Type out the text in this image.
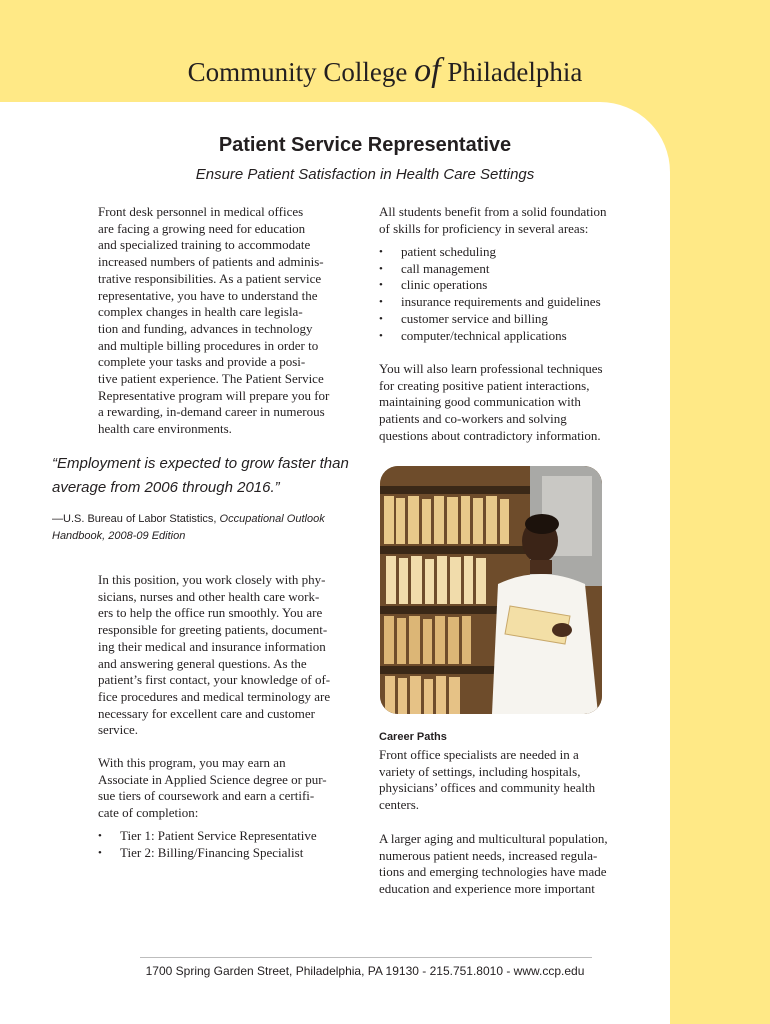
Community College of Philadelphia
Patient Service Representative
Ensure Patient Satisfaction in Health Care Settings
Front desk personnel in medical offices
are facing a growing need for education
and specialized training to accommodate
increased numbers of patients and adminis-
trative responsibilities. As a patient service
representative, you have to understand the
complex changes in health care legisla-
tion and funding, advances in technology
and multiple billing procedures in order to
complete your tasks and provide a posi-
tive patient experience. The Patient Service
Representative program will prepare you for
a rewarding, in-demand career in numerous
health care environments.
All students benefit from a solid foundation
of skills for proficiency in several areas:
• patient scheduling
• call management
• clinic operations
• insurance requirements and guidelines
• customer service and billing
• computer/technical applications
You will also learn professional techniques
for creating positive patient interactions,
maintaining good communication with
patients and co-workers and solving
questions about contradictory information.
“Employment is expected to grow faster than
average from 2006 through 2016.”
—U.S. Bureau of Labor Statistics, Occupational Outlook
Handbook, 2008-09 Edition
In this position, you work closely with phy-
sicians, nurses and other health care work-
ers to help the office run smoothly. You are
responsible for greeting patients, document-
ing their medical and insurance information
and answering general questions. As the
patient’s first contact, your knowledge of of-
fice procedures and medical terminology are
necessary for excellent care and customer
service.
With this program, you may earn an
Associate in Applied Science degree or pur-
sue tiers of coursework and earn a certifi-
cate of completion:
• Tier 1: Patient Service Representative
• Tier 2: Billing/Financing Specialist
Career Paths
Front office specialists are needed in a
variety of settings, including hospitals,
physicians’ offices and community health
centers.
A larger aging and multicultural population,
numerous patient needs, increased regula-
tions and emerging technologies have made
education and experience more important
1700 Spring Garden Street, Philadelphia, PA 19130 - 215.751.8010 - www.ccp.edu
